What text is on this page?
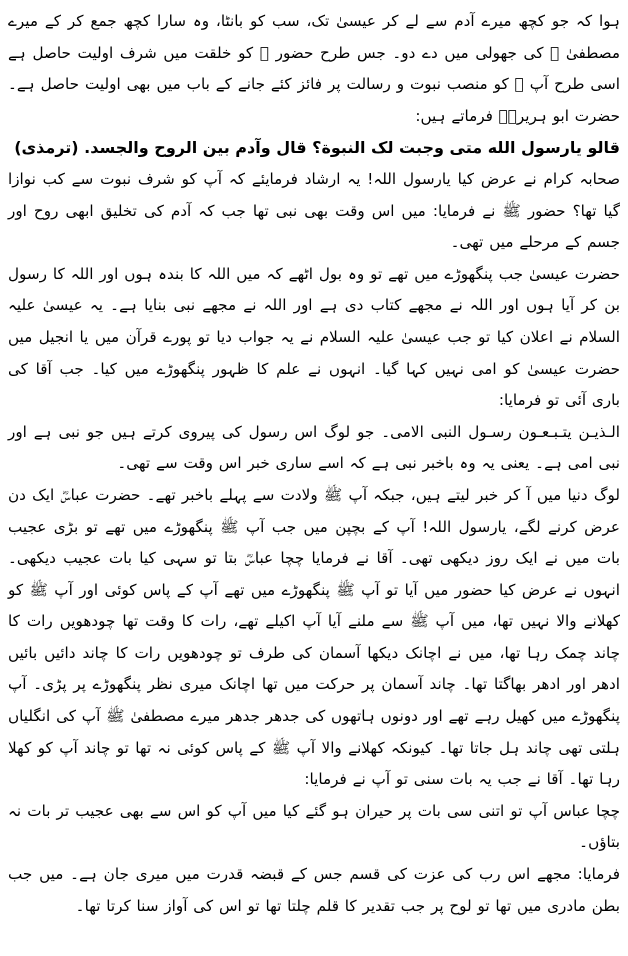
ہوا کہ جو کچھ میرے آدم سے لے کر عیسیٰ تک، سب کو بانٹا، وہ سارا کچھ جمع کر کے میرے مصطفیٰ ﷺ کی جھولی میں دے دو۔ جس طرح حضور ﷺ کو خلقت میں شرف اولیت حاصل ہے اسی طرح آپ ﷺ کو منصب نبوت و رسالت پر فائز کئے جانے کے باب میں بھی اولیت حاصل ہے۔ حضرت ابو ہریرہؓ فرماتے ہیں:

قالو یارسول الله متی وجبت لک النبوة؟ قال وآدم بین الروح والجسد. (ترمذی)

صحابہ کرام نے عرض کیا یارسول اللہ! یہ ارشاد فرمایئے کہ آپ کو شرف نبوت سے کب نوازا گیا تھا؟ حضور ﷺ نے فرمایا: میں اس وقت بھی نبی تھا جب کہ آدم کی تخلیق ابھی روح اور جسم کے مرحلے میں تھی۔

حضرت عیسیٰ جب پنگھوڑے میں تھے تو وہ بول اٹھے کہ میں اللہ کا بندہ ہوں اور اللہ کا رسول بن کر آیا ہوں اور اللہ نے مجھے کتاب دی ہے اور اللہ نے مجھے نبی بنایا ہے۔ یہ عیسیٰ علیہ السلام نے اعلان کیا تو جب عیسیٰ علیہ السلام نے یہ جواب دیا تو پورے قرآن میں یا انجیل میں حضرت عیسیٰ کو امی نہیں کہا گیا۔ انہوں نے علم کا ظہور پنگھوڑے میں کیا۔ جب آقا کی باری آئی تو فرمایا:

الـذیـن یتـبـعـون رسـول النبی الامی۔ جو لوگ اس رسول کی پیروی کرتے ہیں جو نبی ہے اور نبی امی ہے۔ یعنی یہ وہ باخبر نبی ہے کہ اسے ساری خبر اس وقت سے تھی۔

لوگ دنیا میں آ کر خبر لیتے ہیں، جبکہ آپ ﷺ ولادت سے پہلے باخبر تھے۔ حضرت عباسؓ ایک دن عرض کرنے لگے، یارسول اللہ! آپ کے بچپن میں جب آپ ﷺ پنگھوڑے میں تھے تو بڑی عجیب بات میں نے ایک روز دیکھی تھی۔ آقا نے فرمایا چچا عباسؓ بتا تو سہی کیا بات عجیب دیکھی۔ انہوں نے عرض کیا حضور میں آیا تو آپ ﷺ پنگھوڑے میں تھے آپ کے پاس کوئی اور آپ ﷺ کو کھلانے والا نہیں تھا، میں آپ ﷺ سے ملنے آیا آپ اکیلے تھے، رات کا وقت تھا چودھویں رات کا چاند چمک رہا تھا، میں نے اچانک دیکھا آسمان کی طرف تو چودھویں رات کا چاند دائیں بائیں ادھر اور ادھر بھاگتا تھا۔ چاند آسمان پر حرکت میں تھا اچانک میری نظر پنگھوڑے پر پڑی۔ آپ پنگھوڑے میں کھیل رہے تھے اور دونوں ہاتھوں کی جدھر جدھر میرے مصطفیٰ ﷺ آپ کی انگلیاں ہلتی تھی چاند ہل جاتا تھا۔ کیونکہ کھلانے والا آپ ﷺ کے پاس کوئی نہ تھا تو چاند آپ کو کھلا رہا تھا۔ آقا نے جب یہ بات سنی تو آپ نے فرمایا:

چچا عباس آپ تو اتنی سی بات پر حیران ہو گئے کیا میں آپ کو اس سے بھی عجیب تر بات نہ بتاؤں۔

فرمایا: مجھے اس رب کی عزت کی قسم جس کے قبضہ قدرت میں میری جان ہے۔ میں جب بطن مادری میں تھا تو لوح پر جب تقدیر کا قلم چلتا تھا تو اس کی آواز سنا کرتا تھا۔
